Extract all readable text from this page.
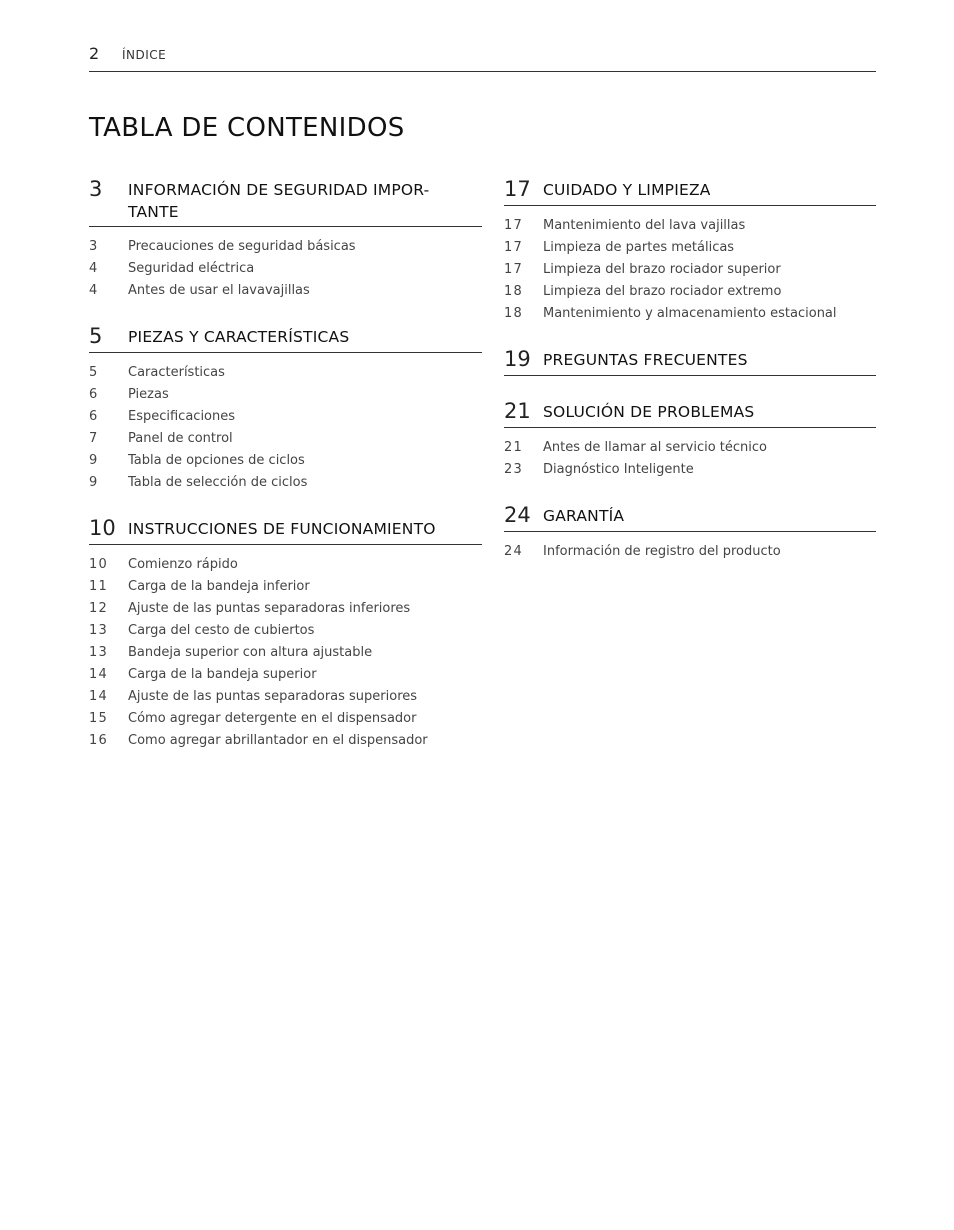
2 ÍNDICE
TABLA DE CONTENIDOS
3	INFORMACIÓN DE SEGURIDAD IMPOR- TANTE
3	Precauciones de seguridad básicas
4	Seguridad eléctrica
4	Antes de usar el lavavajillas
5	PIEZAS Y CARACTERÍSTICAS
5	Características
6	Piezas
6	Especificaciones
7	Panel de control
9	Tabla de opciones de ciclos
9	Tabla de selección de ciclos
10 INSTRUCCIONES DE FUNCIONAMIENTO
10	Comienzo rápido
11	Carga de la bandeja inferior
12	Ajuste de las puntas separadoras inferiores
13	Carga del cesto de cubiertos
13	Bandeja superior con altura ajustable
14	Carga de la bandeja superior
14	Ajuste de las puntas separadoras superiores
15	Cómo agregar detergente en el dispensador
16	Como agregar abrillantador en el dispensador
17 CUIDADO Y LIMPIEZA
17	Mantenimiento del lava vajillas
17	Limpieza de partes metálicas
17	Limpieza del brazo rociador superior
18	Limpieza del brazo rociador extremo
18	Mantenimiento y almacenamiento estacional
19 PREGUNTAS FRECUENTES
21 SOLUCIÓN DE PROBLEMAS
21	Antes de llamar al servicio técnico
23	Diagnóstico Inteligente
24 GARANTÍA
24	Información de registro del producto
